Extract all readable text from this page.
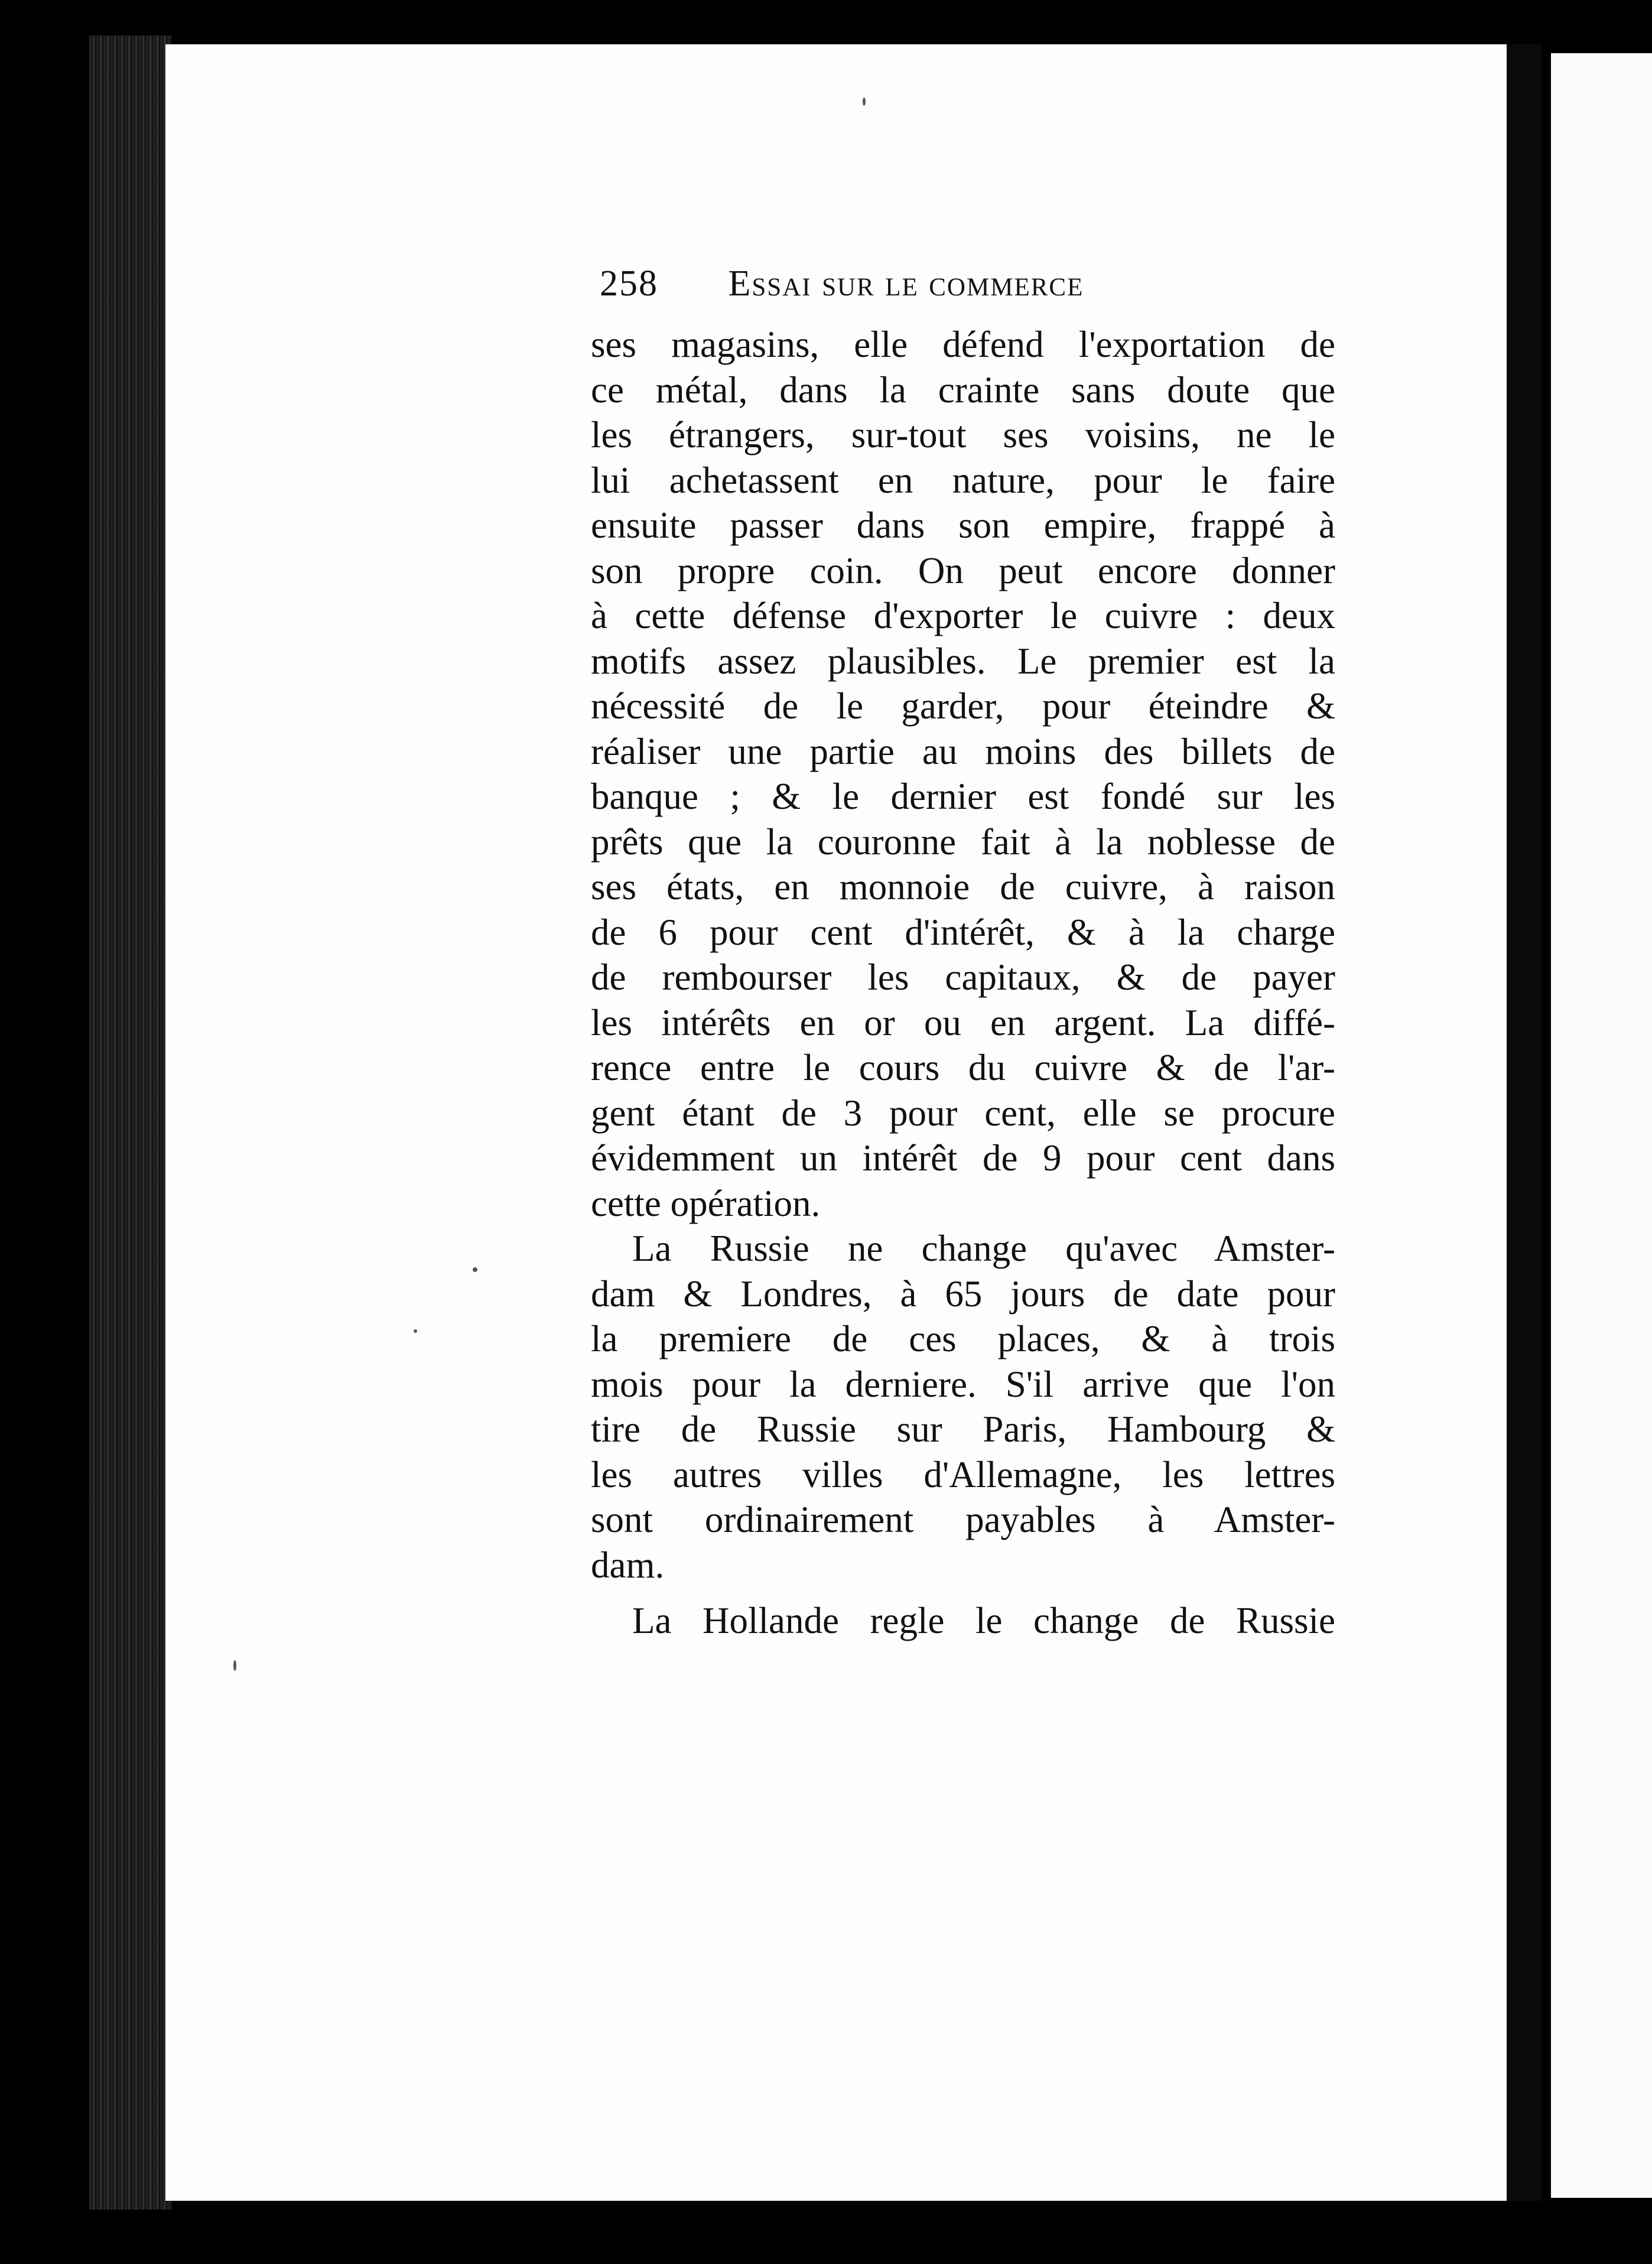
258 Essai sur le commerce
ses magasins, elle défend l'exportation de
ce métal, dans la crainte sans doute que
les étrangers, sur-tout ses voisins, ne le
lui achetassent en nature, pour le faire
ensuite passer dans son empire, frappé à
son propre coin. On peut encore donner
à cette défense d'exporter le cuivre : deux
motifs assez plausibles. Le premier est la
nécessité de le garder, pour éteindre &
réaliser une partie au moins des billets de
banque ; & le dernier est fondé sur les
prêts que la couronne fait à la noblesse de
ses états, en monnoie de cuivre, à raison
de 6 pour cent d'intérêt, & à la charge
de rembourser les capitaux, & de payer
les intérêts en or ou en argent. La diffé-
rence entre le cours du cuivre & de l'ar-
gent étant de 3 pour cent, elle se procure
évidemment un intérêt de 9 pour cent dans
cette opération.
La Russie ne change qu'avec Amster-
dam & Londres, à 65 jours de date pour
la premiere de ces places, & à trois
mois pour la derniere. S'il arrive que l'on
tire de Russie sur Paris, Hambourg &
les autres villes d'Allemagne, les lettres
sont ordinairement payables à Amster-
dam.
La Hollande regle le change de Russie
